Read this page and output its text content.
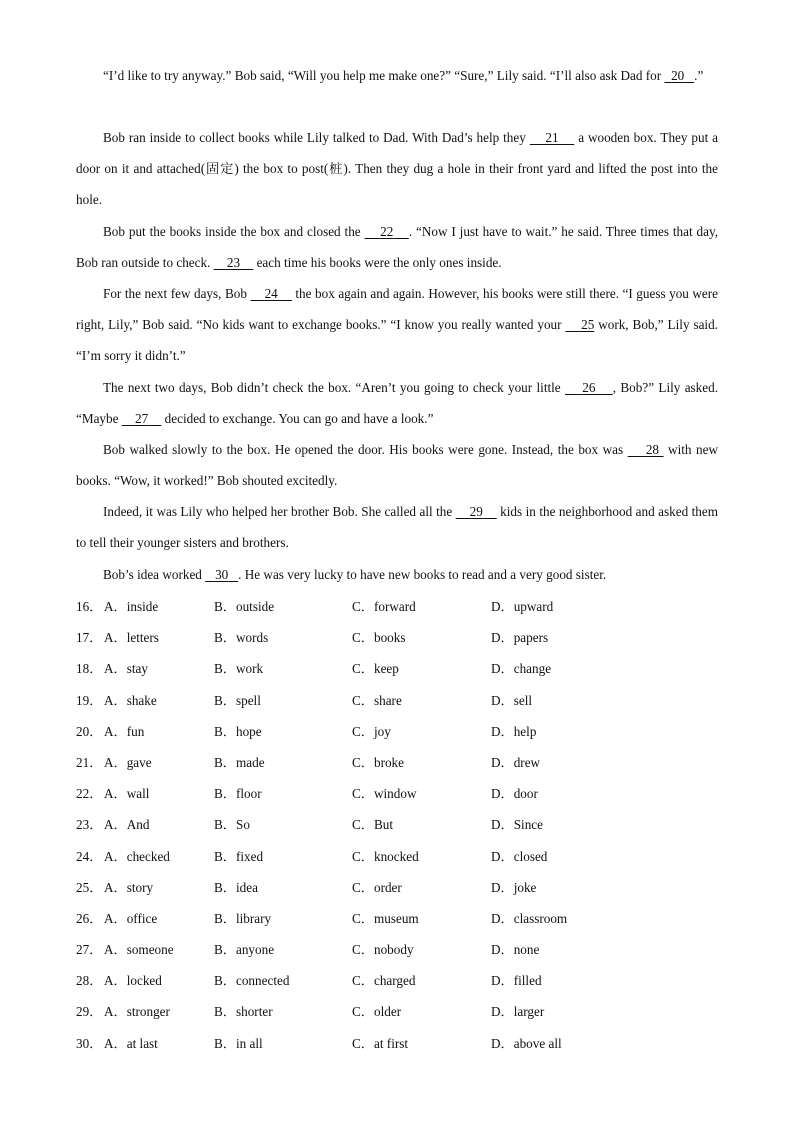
“I’d like to try anyway.” Bob said, “Will you help me make one?” “Sure,” Lily said. “I’ll also ask Dad for   20 .”

Bob ran inside to collect books while Lily talked to Dad. With Dad’s help they     21     a wooden box. They put a door on it and attached(固定) the box to post(桩). Then they dug a hole in their front yard and lifted the post into the hole.

Bob put the books inside the box and closed the     22 . “Now I just have to wait.” he said. Three times that day, Bob ran outside to check.     23     each time his books were the only ones inside.

For the next few days, Bob     24     the box again and again. However, his books were still there. “I guess you were right, Lily,” Bob said. “No kids want to exchange books.” “I know you really wanted your     25 work, Bob,” Lily said. “I’m sorry it didn’t.”

The next two days, Bob didn’t check the box. “Aren’t you going to check your little     26 , Bob?” Lily asked. “Maybe     27     decided to exchange. You can go and have a look.”

Bob walked slowly to the box. He opened the door. His books were gone. Instead, the box was     28  with new books. “Wow, it worked!” Bob shouted excitedly.

Indeed, it was Lily who helped her brother Bob. She called all the     29     kids in the neighborhood and asked them to tell their younger sisters and brothers.

Bob’s idea worked    30 . He was very lucky to have new books to read and a very good sister.

16． A．inside	B．outside	C．forward	D．upward
17． A．letters	B．words	C．books	D．papers
18． A．stay	B．work	C．keep	D．change
19． A．shake	B．spell	C．share	D．sell
20． A．fun	B．hope	C．joy	D．help
21． A．gave	B．made	C．broke	D．drew
22． A．wall	B．floor	C．window	D．door
23． A．And	B．So	C．But	D．Since
24． A．checked	B．fixed	C．knocked	D．closed
25． A．story	B．idea	C．order	D．joke
26． A．office	B．library	C．museum	D．classroom
27． A．someone	B．anyone	C．nobody	D．none
28． A．locked	B．connected	C．charged	D．filled
29． A．stronger	B．shorter	C．older	D．larger
30． A．at last	B．in all	C．at first	D．above all
